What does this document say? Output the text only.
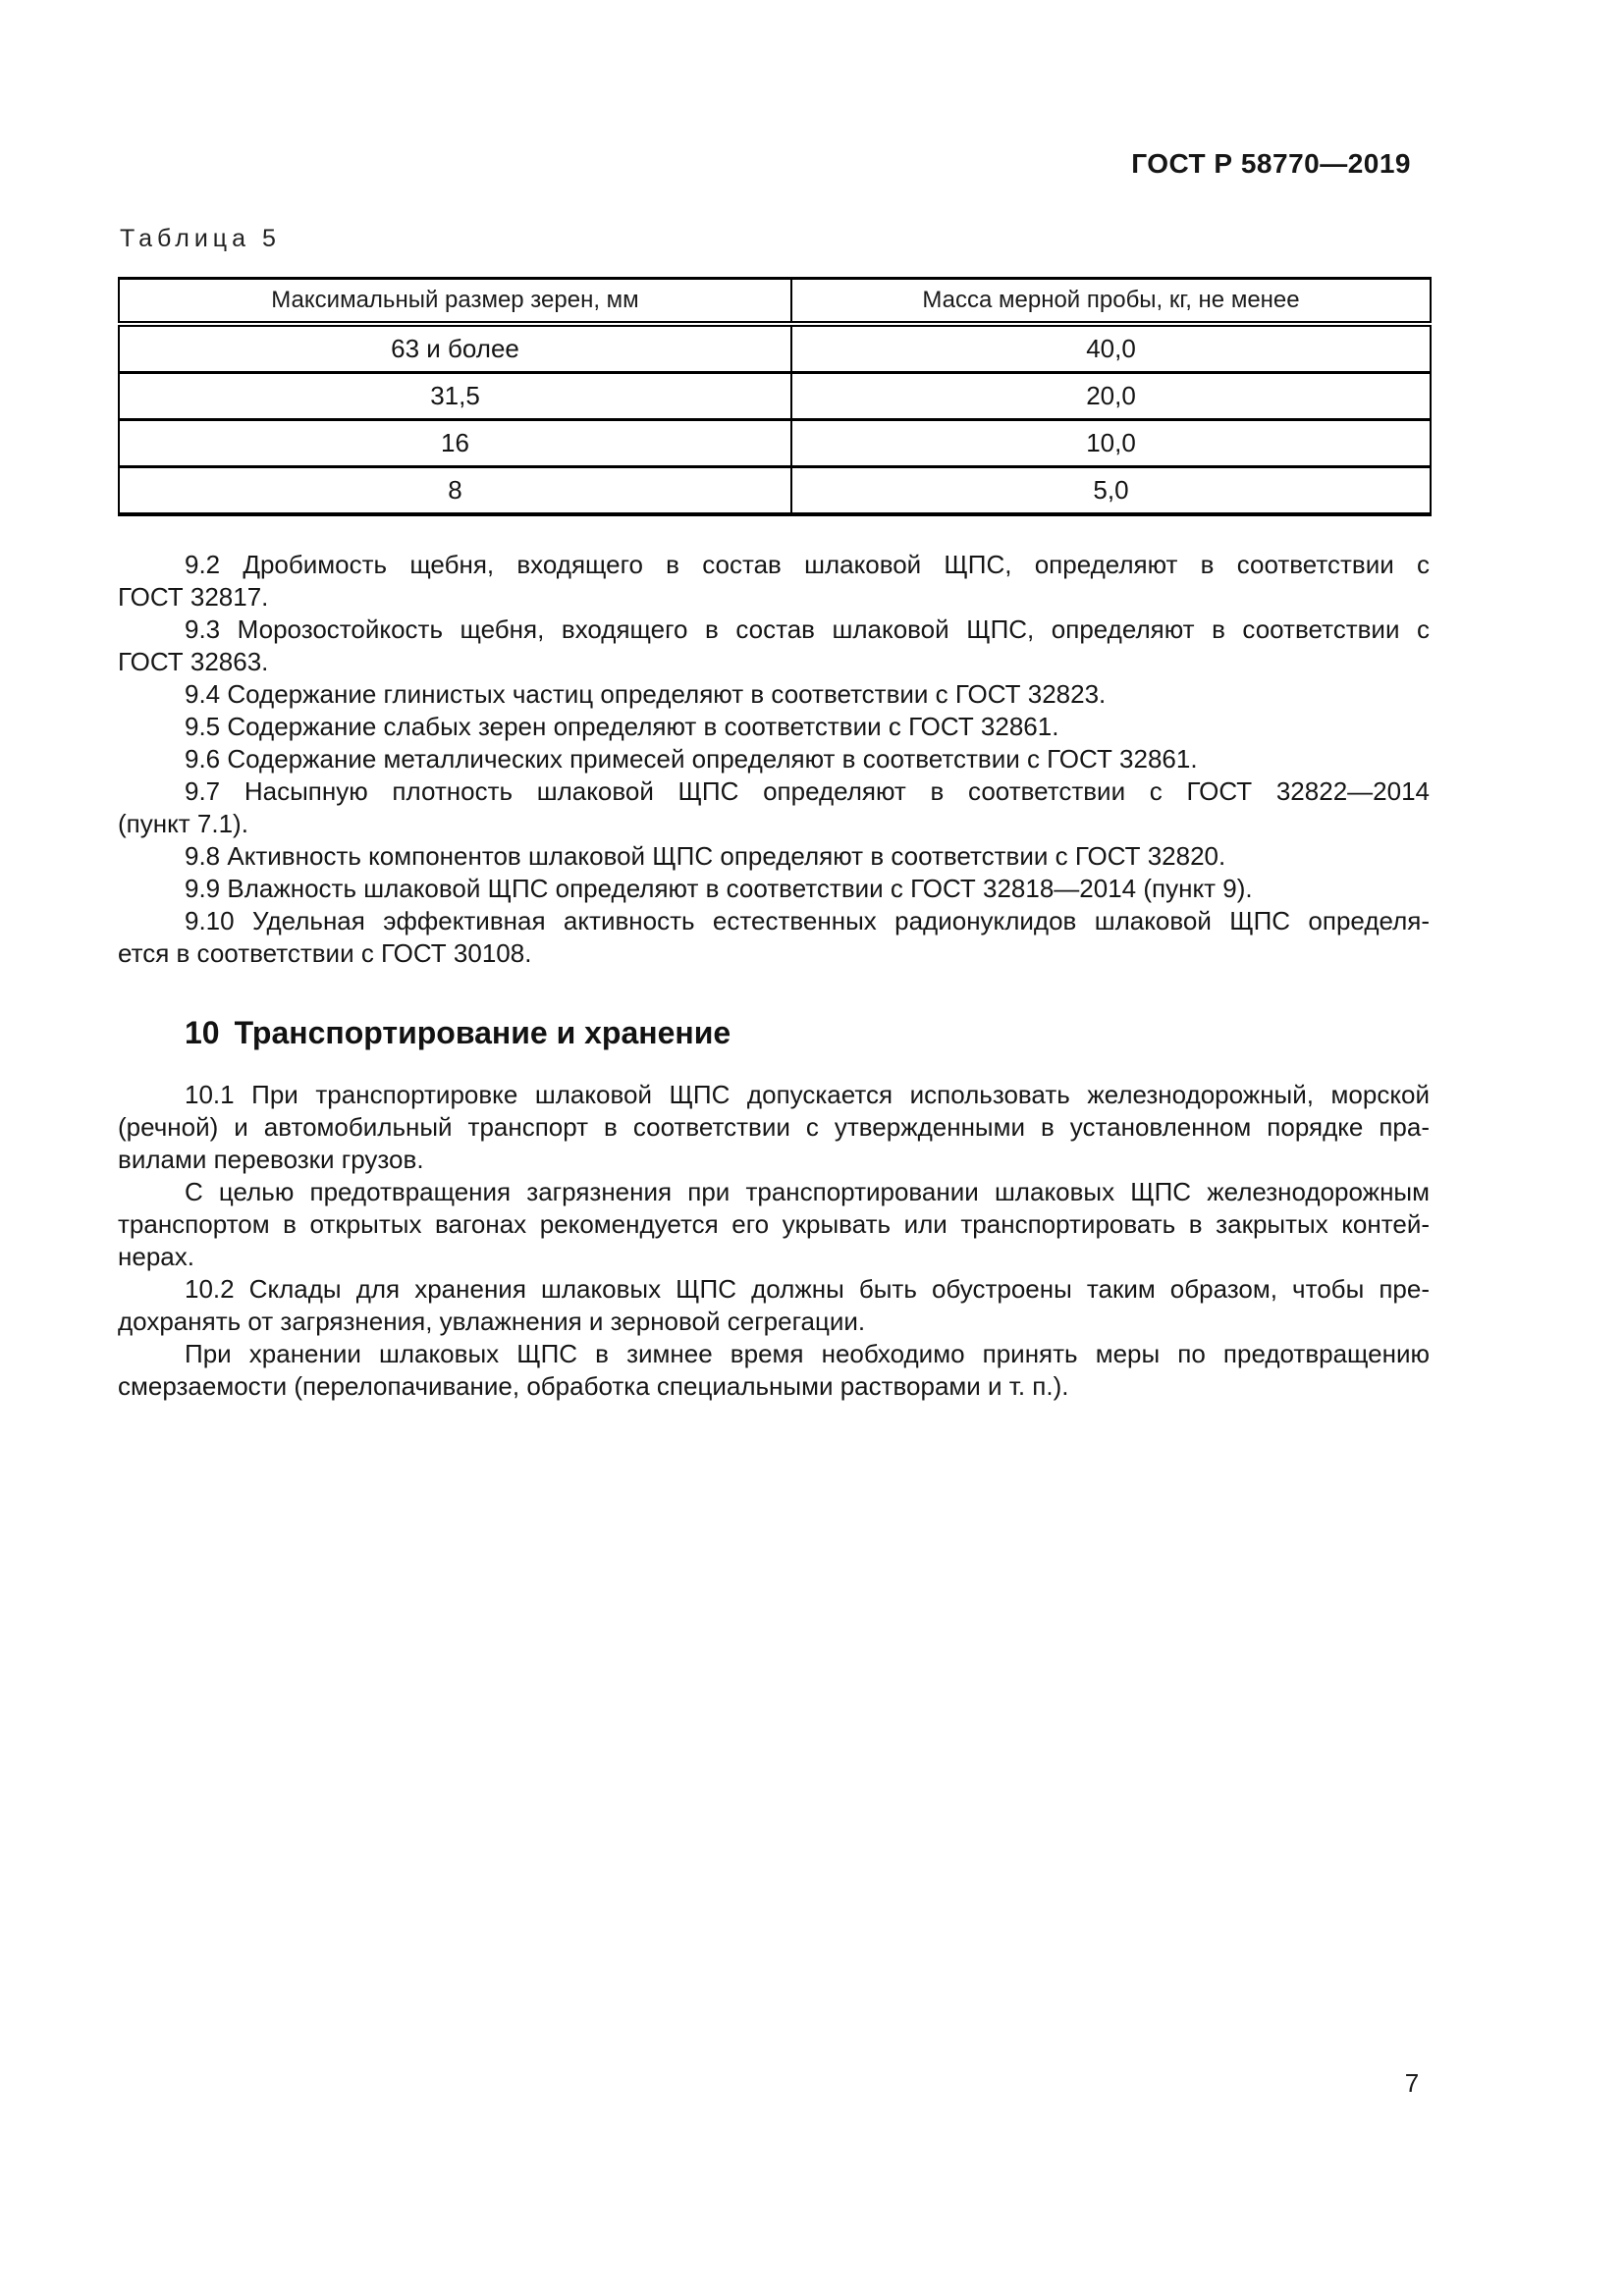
ГОСТ Р 58770—2019
Таблица 5
Максимальный размер зерен, мм	Масса мерной пробы, кг, не менее
63 и более	40,0
31,5	20,0
16	10,0
8	5,0
9.2 Дробимость щебня, входящего в состав шлаковой ЩПС, определяют в соответствии с
ГОСТ 32817.
9.3 Морозостойкость щебня, входящего в состав шлаковой ЩПС, определяют в соответствии с
ГОСТ 32863.
9.4 Содержание глинистых частиц определяют в соответствии с ГОСТ 32823.
9.5 Содержание слабых зерен определяют в соответствии с ГОСТ 32861.
9.6 Содержание металлических примесей определяют в соответствии с ГОСТ 32861.
9.7 Насыпную плотность шлаковой ЩПС определяют в соответствии с ГОСТ 32822—2014
(пункт 7.1).
9.8 Активность компонентов шлаковой ЩПС определяют в соответствии с ГОСТ 32820.
9.9 Влажность шлаковой ЩПС определяют в соответствии с ГОСТ 32818—2014 (пункт 9).
9.10 Удельная эффективная активность естественных радионуклидов шлаковой ЩПС определя-
ется в соответствии с ГОСТ 30108.
10 Транспортирование и хранение
10.1 При транспортировке шлаковой ЩПС допускается использовать железнодорожный, морской
(речной) и автомобильный транспорт в соответствии с утвержденными в установленном порядке пра-
вилами перевозки грузов.
С целью предотвращения загрязнения при транспортировании шлаковых ЩПС железнодорожным
транспортом в открытых вагонах рекомендуется его укрывать или транспортировать в закрытых контей-
нерах.
10.2 Склады для хранения шлаковых ЩПС должны быть обустроены таким образом, чтобы пре-
дохранять от загрязнения, увлажнения и зерновой сегрегации.
При хранении шлаковых ЩПС в зимнее время необходимо принять меры по предотвращению
смерзаемости (перелопачивание, обработка специальными растворами и т. п.).
7
